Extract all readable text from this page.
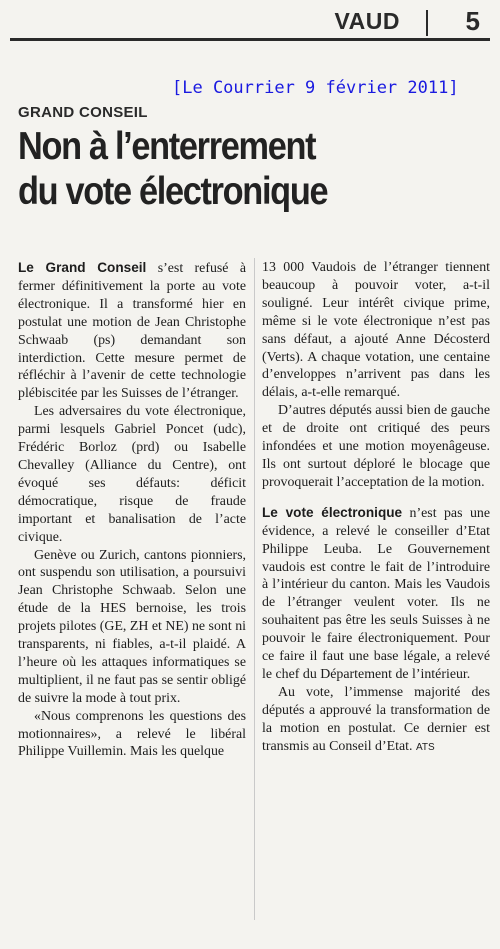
VAUD	5
[Le Courrier 9 février 2011]
GRAND CONSEIL
Non à l’enterrement
du vote électronique

Le Grand Conseil s’est refusé à fermer définitivement la porte au vote électronique. Il a transformé hier en postulat une motion de Jean Christophe Schwaab (ps) demandant son interdiction. Cette mesure permet de réfléchir à l’avenir de cette technologie plébiscitée par les Suisses de l’étranger.

Les adversaires du vote électronique, parmi lesquels Gabriel Poncet (udc), Frédéric Borloz (prd) ou Isabelle Chevalley (Alliance du Centre), ont évoqué ses défauts: déficit démocratique, risque de fraude important et banalisation de l’acte civique.

Genève ou Zurich, cantons pionniers, ont suspendu son utilisation, a poursuivi Jean Christophe Schwaab. Selon une étude de la HES bernoise, les trois projets pilotes (GE, ZH et NE) ne sont ni transparents, ni fiables, a-t-il plaidé. A l’heure où les attaques informatiques se multiplient, il ne faut pas se sentir obligé de suivre la mode à tout prix.

«Nous comprenons les questions des motionnaires», a relevé le libéral Philippe Vuillemin. Mais les quelque

13 000 Vaudois de l’étranger tiennent beaucoup à pouvoir voter, a-t-il souligné. Leur intérêt civique prime, même si le vote électronique n’est pas sans défaut, a ajouté Anne Décosterd (Verts). A chaque votation, une centaine d’enveloppes n’arrivent pas dans les délais, a-t-elle remarqué.

D’autres députés aussi bien de gauche et de droite ont critiqué des peurs infondées et une motion moyenâgeuse. Ils ont surtout déploré le blocage que provoquerait l’acceptation de la motion.

Le vote électronique n’est pas une évidence, a relevé le conseiller d’Etat Philippe Leuba. Le Gouvernement vaudois est contre le fait de l’introduire à l’intérieur du canton. Mais les Vaudois de l’étranger veulent voter. Ils ne souhaitent pas être les seuls Suisses à ne pouvoir le faire électroniquement. Pour ce faire il faut une base légale, a relevé le chef du Département de l’intérieur.

Au vote, l’immense majorité des députés a approuvé la transformation de la motion en postulat. Ce dernier est transmis au Conseil d’Etat. ATS
